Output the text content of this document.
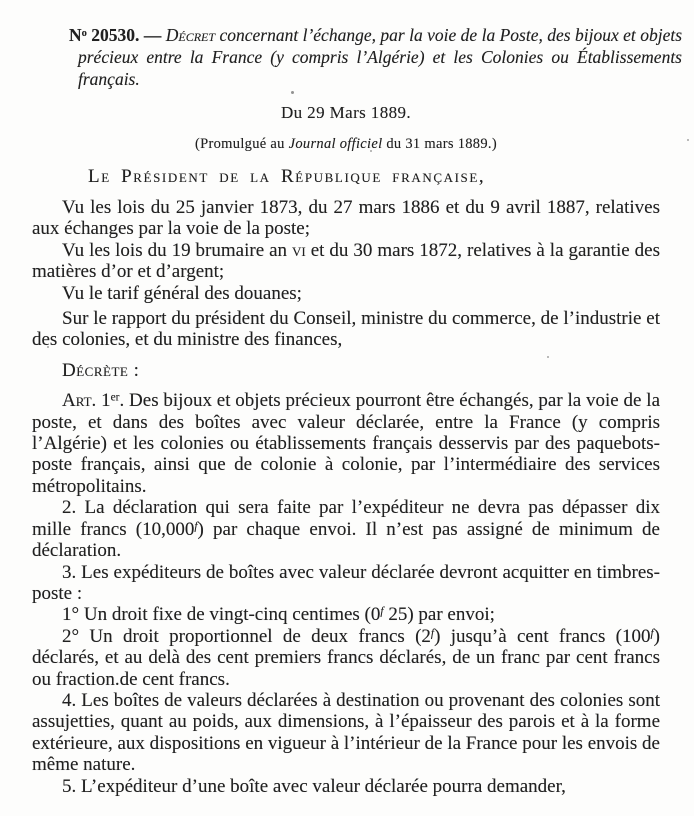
$N^o$ 20530. — Décret concernant l’échange, par la voie de la Poste, des bijoux et objets précieux entre la France (y compris l’Algérie) et les Colonies ou Établissements français.

Du 29 Mars 1889.

(Promulgué au Journal officiel du 31 mars 1889.)

Le Président de la République française,

Vu les lois du 25 janvier 1873, du 27 mars 1886 et du 9 avril 1887, relatives aux échanges par la voie de la poste;

Vu les lois du 19 brumaire an vi et du 30 mars 1872, relatives à la garantie des matières d’or et d’argent;

Vu le tarif général des douanes;

Sur le rapport du président du Conseil, ministre du commerce, de l’industrie et des colonies, et du ministre des finances,

Décrète :

Art. 1er. Des bijoux et objets précieux pourront être échangés, par la voie de la poste, et dans des boîtes avec valeur déclarée, entre la France (y compris l’Algérie) et les colonies ou établissements français desservis par des paquebots-poste français, ainsi que de colonie à colonie, par l’intermédiaire des services métropolitains.

2. La déclaration qui sera faite par l’expéditeur ne devra pas dépasser dix mille francs (10,000$^f$) par chaque envoi. Il n’est pas assigné de minimum de déclaration.

3. Les expéditeurs de boîtes avec valeur déclarée devront acquitter en timbres-poste :

1° Un droit fixe de vingt-cinq centimes (0$^f$ 25) par envoi;

2° Un droit proportionnel de deux francs (2$^f$) jusqu’à cent francs (100$^f$) déclarés, et au delà des cent premiers francs déclarés, de un franc par cent francs ou fraction.de cent francs.

4. Les boîtes de valeurs déclarées à destination ou provenant des colonies sont assujetties, quant au poids, aux dimensions, à l’épaisseur des parois et à la forme extérieure, aux dispositions en vigueur à l’intérieur de la France pour les envois de même nature.

5. L’expéditeur d’une boîte avec valeur déclarée pourra demander,
